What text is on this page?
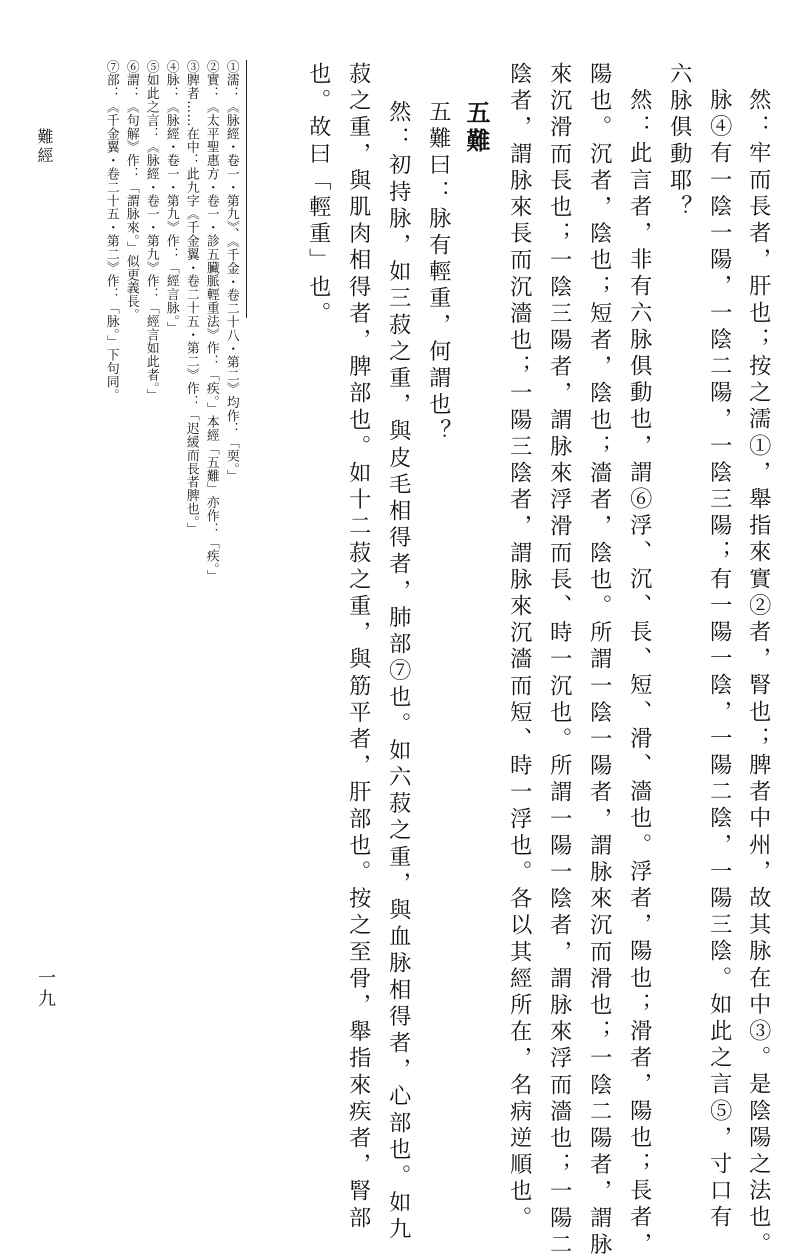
然：牢而長者，肝也；按之濡①，舉指來實②者，腎也；脾者中州，故其脉在中③。是陰陽之法也。
脉④有一陰一陽，一陰二陽，一陰三陽；有一陽一陰，一陽二陰，一陽三陰。如此之言⑤，寸口有
六脉俱動耶？
然：此言者，非有六脉俱動也，謂⑥浮、沉、長、短、滑、濇也。浮者，陽也；滑者，陽也；長者，
陽也。沉者，陰也；短者，陰也；濇者，陰也。所謂一陰一陽者，謂脉來沉而滑也；一陰二陽者，謂脉
來沉滑而長也；一陰三陽者，謂脉來浮滑而長、時一沉也。所謂一陽一陰者，謂脉來浮而濇也；一陽二
陰者，謂脉來長而沉濇也；一陽三陰者，謂脉來沉濇而短、時一浮也。各以其經所在，名病逆順也。
五難
五難曰：脉有輕重，何謂也？
然：初持脉，如三菽之重，與皮毛相得者，肺部⑦也。如六菽之重，與血脉相得者，心部也。如九
菽之重，與肌肉相得者，脾部也。如十二菽之重，與筋平者，肝部也。按之至骨，舉指來疾者，腎部
也。故曰「輕重」也。
①濡：《脉經・卷一・第九》、《千金・卷二十八・第二》均作：「耎。」
②實：《太平聖惠方・卷一・診五臟脈輕重法》作：「疾。」本經「五難」亦作：「疾。」
③脾者……在中：此九字《千金翼・卷二十五・第二》作：「迟緩而長者脾也。」
④脉：《脉經・卷一・第九》作：「經言脉。」
⑤如此之言：《脉經・卷一・第九》作：「經言如此者。」
⑥謂：《句解》作：「謂脉來。」似更義長。
⑦部：《千金翼・卷二十五・第二》作：「脉。」下句同。
難經
一九
